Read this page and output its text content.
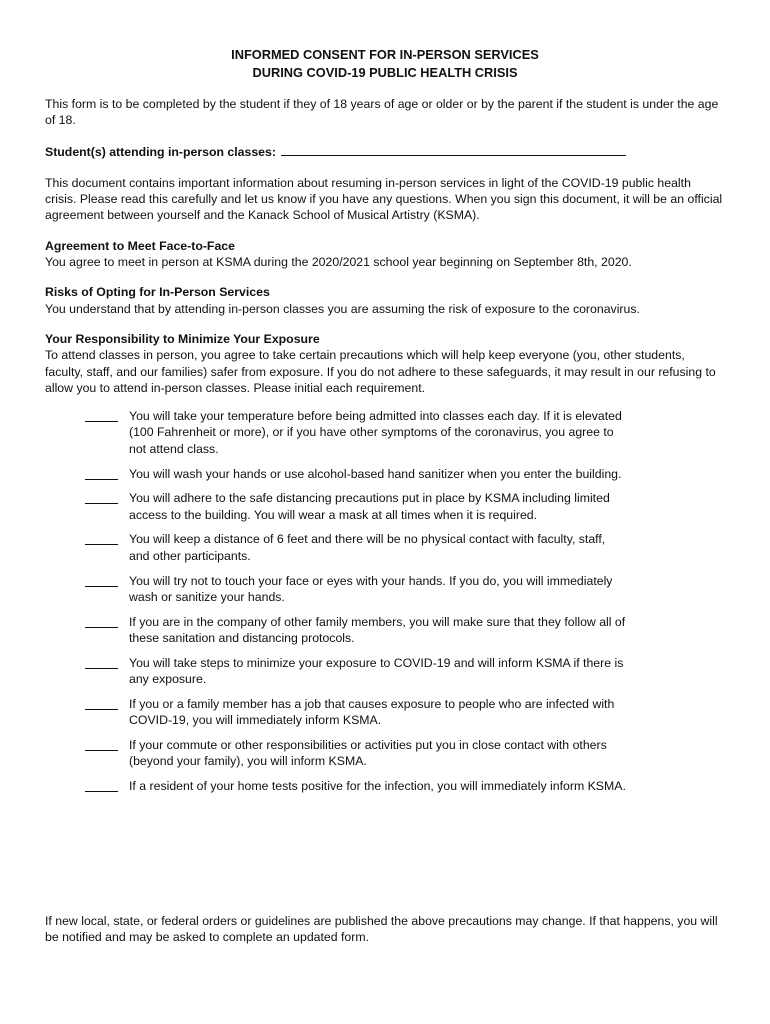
INFORMED CONSENT FOR IN-PERSON SERVICES
DURING COVID-19 PUBLIC HEALTH CRISIS

This form is to be completed by the student if they of 18 years of age or older or by the parent if the student is under the age of 18.

Student(s) attending in-person classes:

This document contains important information about resuming in-person services in light of the COVID-19 public health crisis. Please read this carefully and let us know if you have any questions. When you sign this document, it will be an official agreement between yourself and the Kanack School of Musical Artistry (KSMA).

Agreement to Meet Face-to-Face

You agree to meet in person at KSMA during the 2020/2021 school year beginning on September 8th, 2020.

Risks of Opting for In-Person Services

You understand that by attending in-person classes you are assuming the risk of exposure to the coronavirus.

Your Responsibility to Minimize Your Exposure

To attend classes in person, you agree to take certain precautions which will help keep everyone (you, other students, faculty, staff, and our families) safer from exposure. If you do not adhere to these safeguards, it may result in our refusing to allow you to attend in-person classes. Please initial each requirement.

You will take your temperature before being admitted into classes each day. If it is elevated (100 Fahrenheit or more), or if you have other symptoms of the coronavirus, you agree to not attend class.
You will wash your hands or use alcohol-based hand sanitizer when you enter the building.
You will adhere to the safe distancing precautions put in place by KSMA including limited access to the building. You will wear a mask at all times when it is required.
You will keep a distance of 6 feet and there will be no physical contact with faculty, staff, and other participants.
You will try not to touch your face or eyes with your hands. If you do, you will immediately wash or sanitize your hands.
If you are in the company of other family members, you will make sure that they follow all of these sanitation and distancing protocols.
You will take steps to minimize your exposure to COVID-19 and will inform KSMA if there is any exposure.
If you or a family member has a job that causes exposure to people who are infected with COVID-19, you will immediately inform KSMA.
If your commute or other responsibilities or activities put you in close contact with others (beyond your family), you will inform KSMA.
If a resident of your home tests positive for the infection, you will immediately inform KSMA.

If new local, state, or federal orders or guidelines are published the above precautions may change. If that happens, you will be notified and may be asked to complete an updated form.
